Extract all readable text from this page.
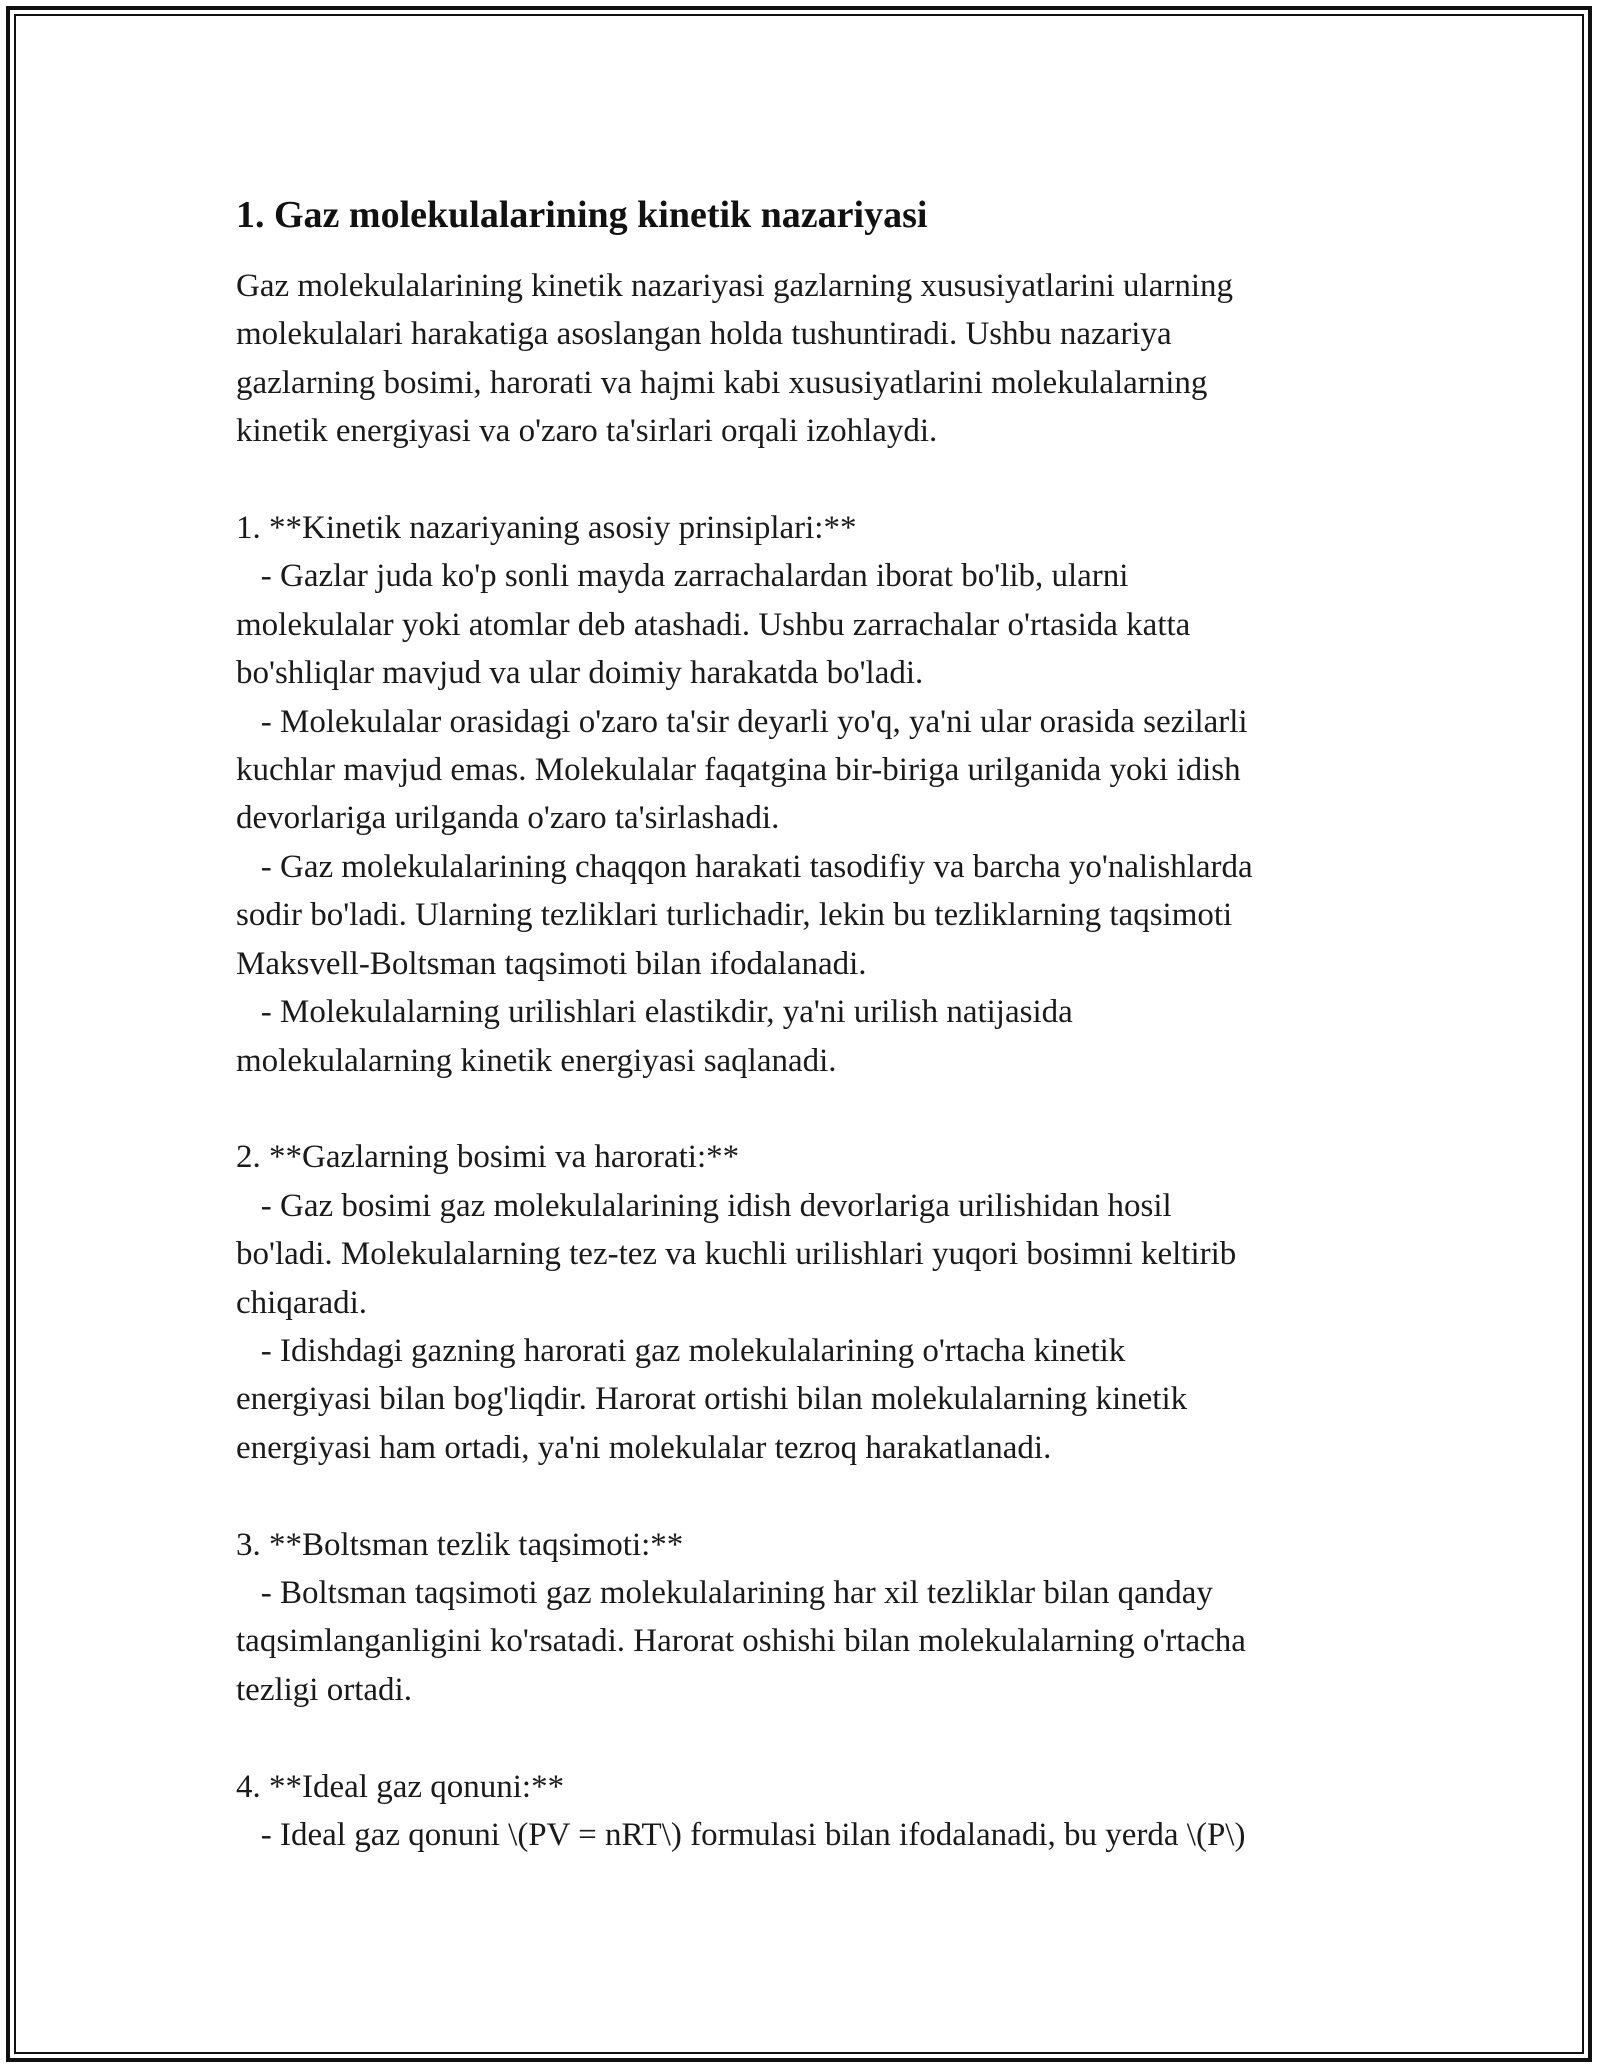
1. Gaz molekulalarining kinetik nazariyasi
Gaz molekulalarining kinetik nazariyasi gazlarning xususiyatlarini ularning
molekulalari harakatiga asoslangan holda tushuntiradi. Ushbu nazariya
gazlarning bosimi, harorati va hajmi kabi xususiyatlarini molekulalarning
kinetik energiyasi va o'zaro ta'sirlari orqali izohlaydi.

1. **Kinetik nazariyaning asosiy prinsiplari:**
- Gazlar juda ko'p sonli mayda zarrachalardan iborat bo'lib, ularni
molekulalar yoki atomlar deb atashadi. Ushbu zarrachalar o'rtasida katta
bo'shliqlar mavjud va ular doimiy harakatda bo'ladi.
- Molekulalar orasidagi o'zaro ta'sir deyarli yo'q, ya'ni ular orasida sezilarli
kuchlar mavjud emas. Molekulalar faqatgina bir-biriga urilganida yoki idish
devorlariga urilganda o'zaro ta'sirlashadi.
- Gaz molekulalarining chaqqon harakati tasodifiy va barcha yo'nalishlarda
sodir bo'ladi. Ularning tezliklari turlichadir, lekin bu tezliklarning taqsimoti
Maksvell-Boltsman taqsimoti bilan ifodalanadi.
- Molekulalarning urilishlari elastikdir, ya'ni urilish natijasida
molekulalarning kinetik energiyasi saqlanadi.

2. **Gazlarning bosimi va harorati:**
- Gaz bosimi gaz molekulalarining idish devorlariga urilishidan hosil
bo'ladi. Molekulalarning tez-tez va kuchli urilishlari yuqori bosimni keltirib
chiqaradi.
- Idishdagi gazning harorati gaz molekulalarining o'rtacha kinetik
energiyasi bilan bog'liqdir. Harorat ortishi bilan molekulalarning kinetik
energiyasi ham ortadi, ya'ni molekulalar tezroq harakatlanadi.

3. **Boltsman tezlik taqsimoti:**
- Boltsman taqsimoti gaz molekulalarining har xil tezliklar bilan qanday
taqsimlanganligini ko'rsatadi. Harorat oshishi bilan molekulalarning o'rtacha
tezligi ortadi.

4. **Ideal gaz qonuni:**
- Ideal gaz qonuni \(PV = nRT\) formulasi bilan ifodalanadi, bu yerda \(P\)
